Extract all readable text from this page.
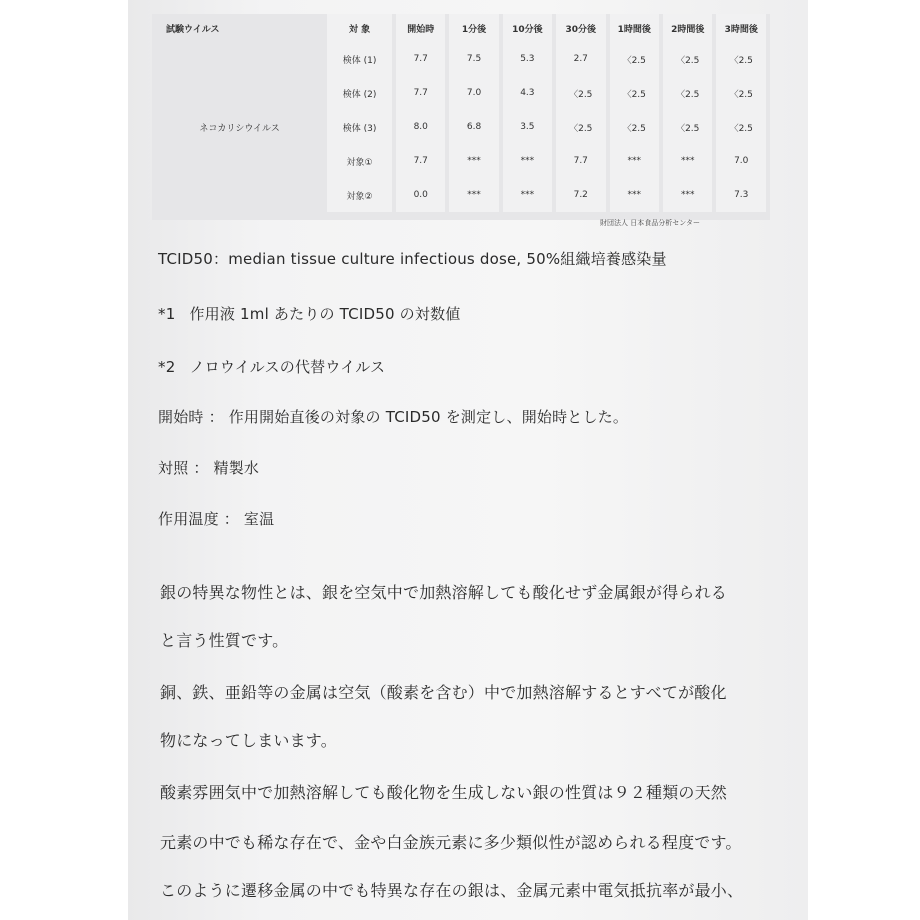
試験ウイルス	対 象	開始時	1分後	10分後	30分後	1時間後	2時間後	3時間後
ネコカリシウイルス	検体 (1)	7.7	7.5	5.3	2.7	〈2.5	〈2.5	〈2.5
	検体 (2)	7.7	7.0	4.3	〈2.5	〈2.5	〈2.5	〈2.5
	検体 (3)	8.0	6.8	3.5	〈2.5	〈2.5	〈2.5	〈2.5
	対象①	7.7	***	***	7.7	***	***	7.0
	対象②	0.0	***	***	7.2	***	***	7.3
財団法人 日本食品分析センター
TCID50：median tissue culture infectious dose, 50%組織培養感染量
*1 作用液 1ml あたりの TCID50 の対数値
*2 ノロウイルスの代替ウイルス
開始時 ： 作用開始直後の対象の TCID50 を測定し、開始時とした。
対照 ： 精製水
作用温度 ： 室温
銀の特異な物性とは、銀を空気中で加熱溶解しても酸化せず金属銀が得られる
と言う性質です。
銅、鉄、亜鉛等の金属は空気（酸素を含む）中で加熱溶解するとすべてが酸化
物になってしまいます。
酸素雰囲気中で加熱溶解しても酸化物を生成しない銀の性質は９２種類の天然
元素の中でも稀な存在で、金や白金族元素に多少類似性が認められる程度です。
このように遷移金属の中でも特異な存在の銀は、金属元素中電気抵抗率が最小、
